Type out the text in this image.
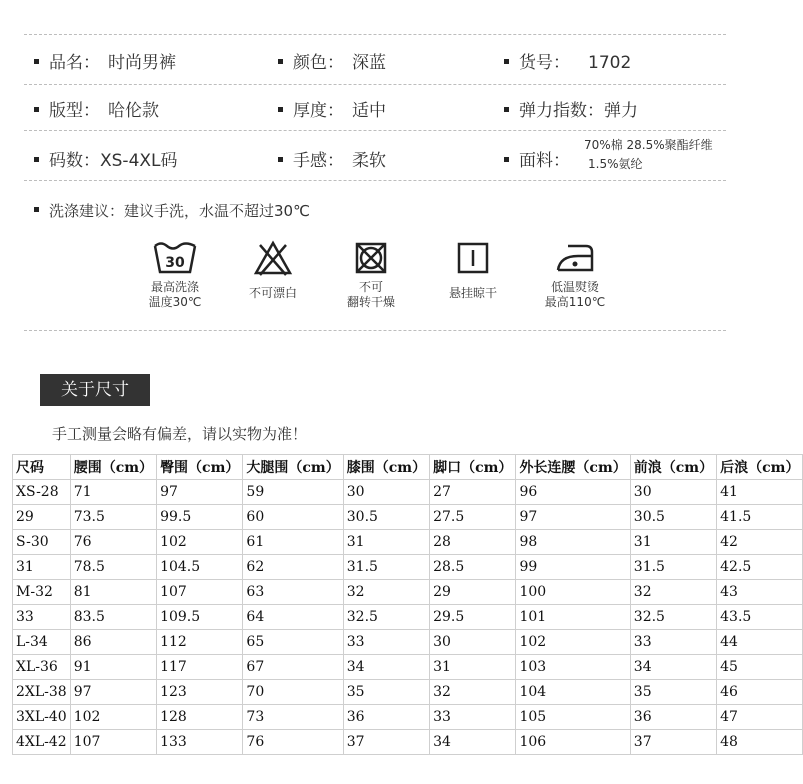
品名： 时尚男裤	颜色： 深蓝	货号： 1702
版型： 哈伦款	厚度： 适中	弹力指数：弹力
码数：XS-4XL码	手感： 柔软	面料：
70%棉 28.5%聚酯纤维
1.5%氨纶
洗涤建议：建议手洗，水温不超过30℃
30
最高洗涤
温度30℃
不可漂白	不可
翻转干燥
悬挂晾干	低温熨烫
最高110℃
关于尺寸
手工测量会略有偏差，请以实物为准！
尺码	腰围（cm）	臀围（cm）	大腿围（cm）	膝围（cm）	脚口（cm）	外长连腰（cm）	前浪（cm）	后浪（cm）
XS-28	71	97	59	30	27	96	30	41
29	73.5	99.5	60	30.5	27.5	97	30.5	41.5
S-30	76	102	61	31	28	98	31	42
31	78.5	104.5	62	31.5	28.5	99	31.5	42.5
M-32	81	107	63	32	29	100	32	43
33	83.5	109.5	64	32.5	29.5	101	32.5	43.5
L-34	86	112	65	33	30	102	33	44
XL-36	91	117	67	34	31	103	34	45
2XL-38	97	123	70	35	32	104	35	46
3XL-40	102	128	73	36	33	105	36	47
4XL-42	107	133	76	37	34	106	37	48
